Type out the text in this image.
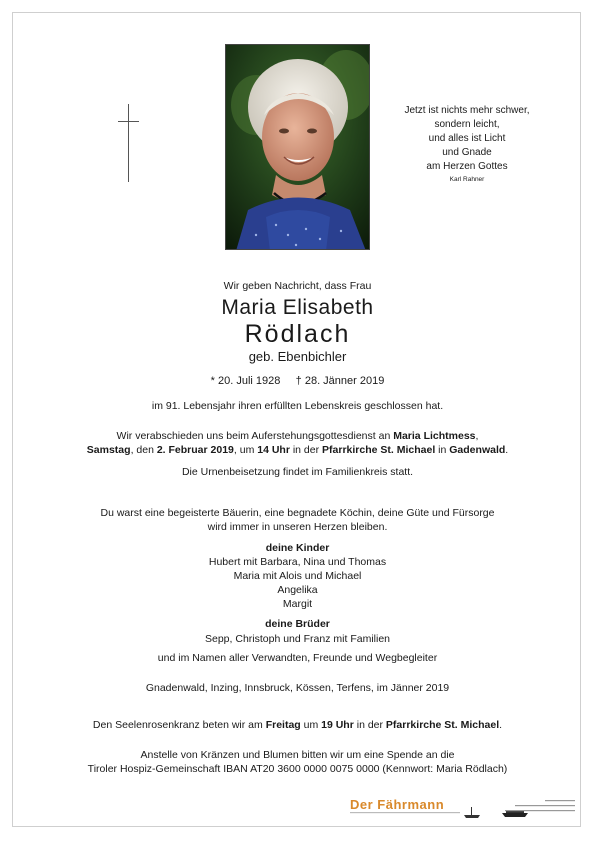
Jetzt ist nichts mehr schwer,
sondern leicht,
und alles ist Licht
und Gnade
am Herzen Gottes
Karl Rahner
Wir geben Nachricht, dass Frau
Maria Elisabeth
Rödlach
geb. Ebenbichler
* 20. Juli 1928 † 28. Jänner 2019
im 91. Lebensjahr ihren erfüllten Lebenskreis geschlossen hat.
Wir verabschieden uns beim Auferstehungsgottesdienst an Maria Lichtmess,
Samstag, den 2. Februar 2019, um 14 Uhr in der Pfarrkirche St. Michael in Gadenwald.
Die Urnenbeisetzung findet im Familienkreis statt.
Du warst eine begeisterte Bäuerin, eine begnadete Köchin, deine Güte und Fürsorge
wird immer in unseren Herzen bleiben.
deine Kinder
Hubert mit Barbara, Nina und Thomas
Maria mit Alois und Michael
Angelika
Margit
deine Brüder
Sepp, Christoph und Franz mit Familien
und im Namen aller Verwandten, Freunde und Wegbegleiter
Gnadenwald, Inzing, Innsbruck, Kössen, Terfens, im Jänner 2019
Den Seelenrosenkranz beten wir am Freitag um 19 Uhr in der Pfarrkirche St. Michael.
Anstelle von Kränzen und Blumen bitten wir um eine Spende an die
Tiroler Hospiz-Gemeinschaft IBAN AT20 3600 0000 0075 0000 (Kennwort: Maria Rödlach)
Der Fährmann
